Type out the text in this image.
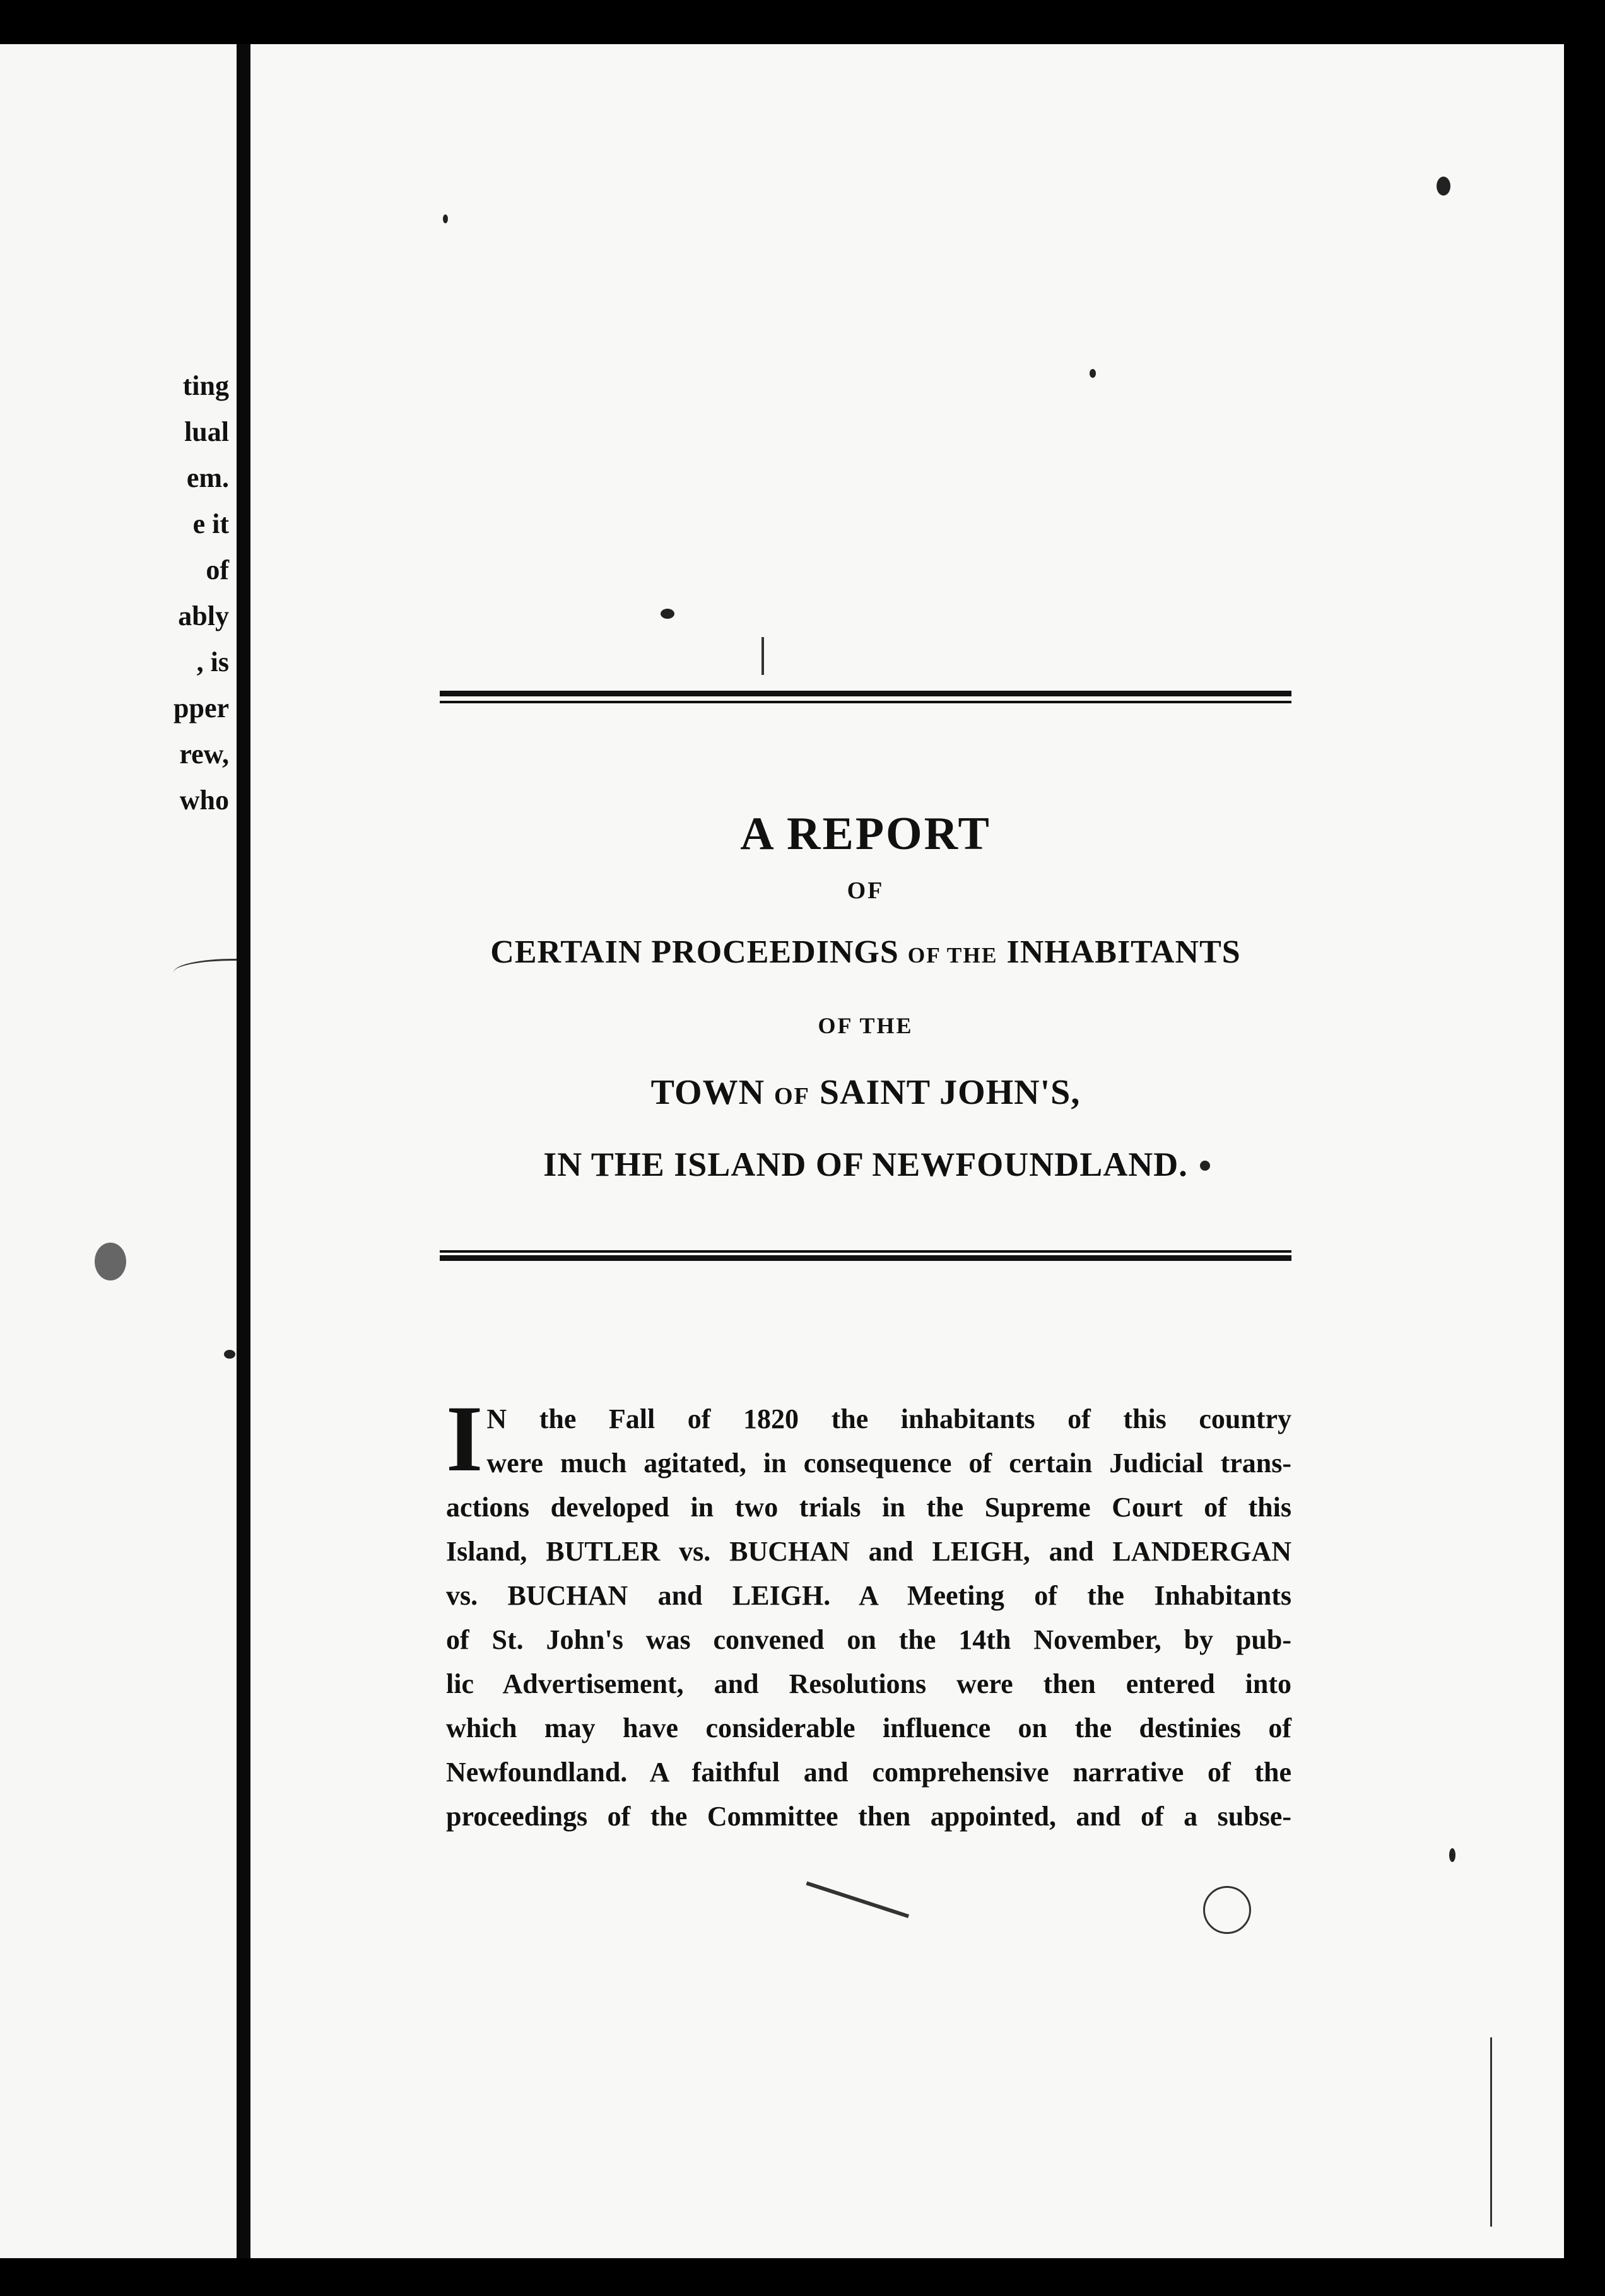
ting
lual
em.
e it
of
ably
, is
pper
rew,
who
A REPORT
OF
CERTAIN PROCEEDINGS OF THE INHABITANTS
OF THE
TOWN OF SAINT JOHN'S,
IN THE ISLAND OF NEWFOUNDLAND.
I N the Fall of 1820 the inhabitants of this country
were much agitated, in consequence of certain Judicial trans-
actions developed in two trials in the Supreme Court of this
Island, BUTLER vs. BUCHAN and LEIGH, and LANDERGAN
vs. BUCHAN and LEIGH. A Meeting of the Inhabitants
of St. John's was convened on the 14th November, by pub-
lic Advertisement, and Resolutions were then entered into
which may have considerable influence on the destinies of
Newfoundland. A faithful and comprehensive narrative of the
proceedings of the Committee then appointed, and of a subse-
